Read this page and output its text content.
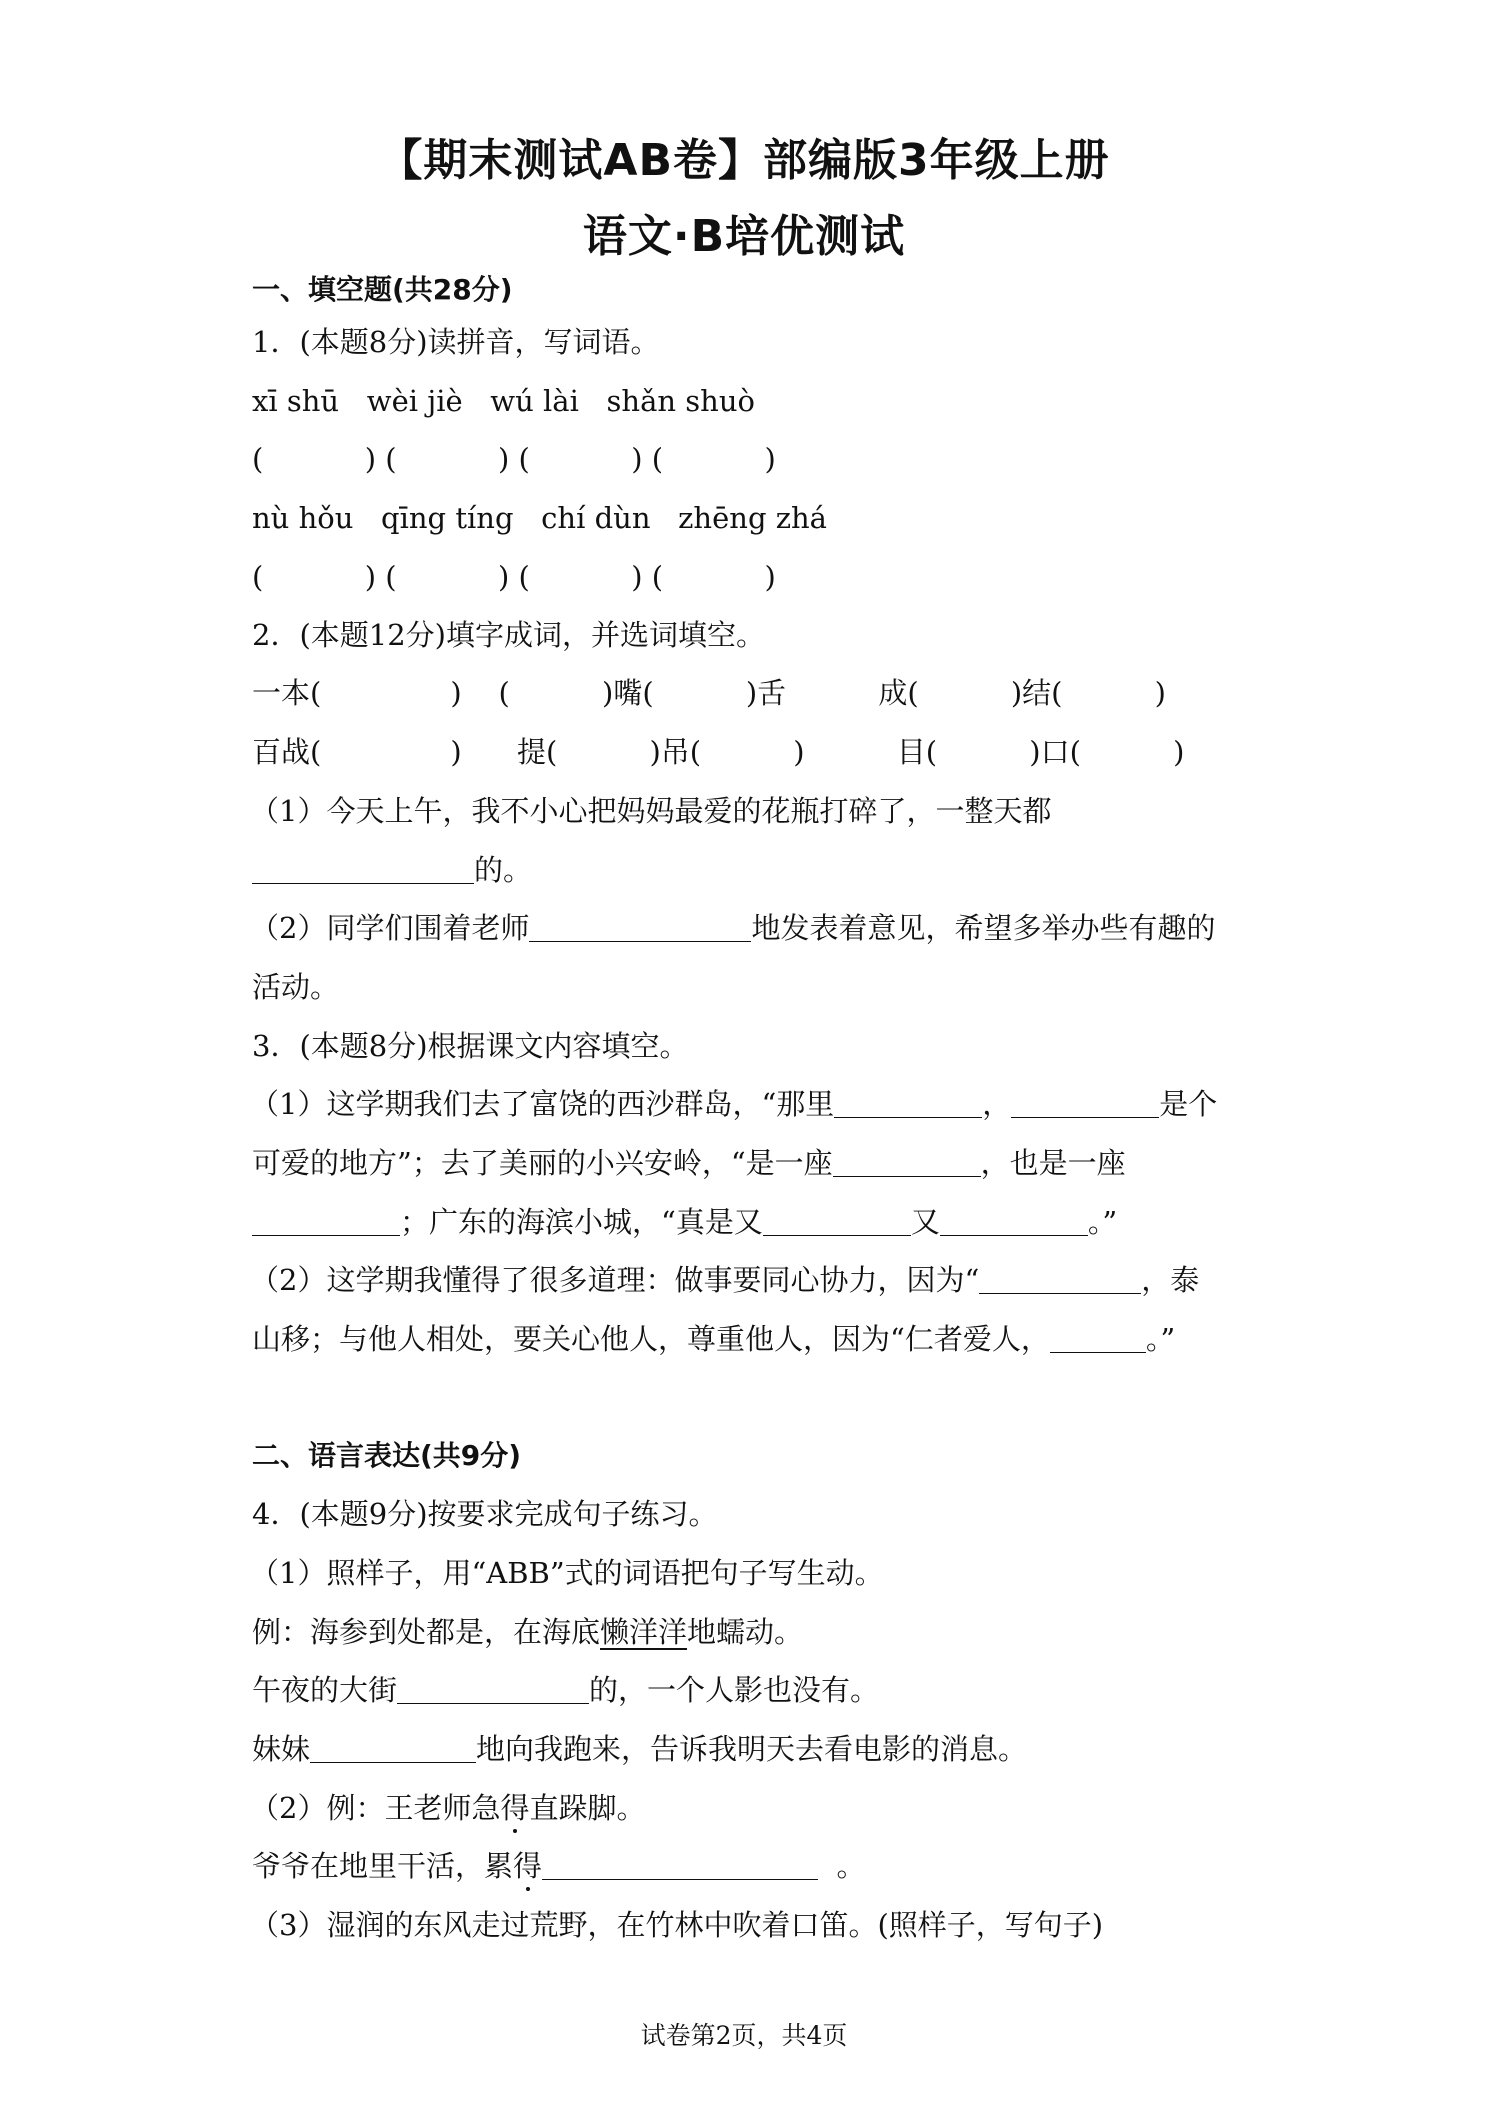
【期末测试AB卷】部编版3年级上册
语文·B培优测试
一、填空题(共28分)
1．(本题8分)读拼音，写词语。
xī shū   wèi jiè   wú lài   shǎn shuò
(           ) (           ) (           ) (           )
nù hǒu   qīng tíng   chí dùn   zhēng zhá
(           ) (           ) (           ) (           )
2．(本题12分)填字成词，并选词填空。
一本(              )    (          )嘴(          )舌          成(          )结(          )
百战(              )      提(          )吊(          )          目(          )口(          )
（1）今天上午，我不小心把妈妈最爱的花瓶打碎了，一整天都
的。
（2）同学们围着老师	地发表着意见，希望多举办些有趣的
活动。
3．(本题8分)根据课文内容填空。
（1）这学期我们去了富饶的西沙群岛，“那里	，	是个
可爱的地方”；去了美丽的小兴安岭，“是一座	，也是一座
；广东的海滨小城，“真是又	又	。”
（2）这学期我懂得了很多道理：做事要同心协力，因为“	，泰
山移；与他人相处，要关心他人，尊重他人，因为“仁者爱人，	。”
二、语言表达(共9分)
4．(本题9分)按要求完成句子练习。
（1）照样子，用“ABB”式的词语把句子写生动。
例：海参到处都是，在海底懒洋洋地蠕动。
午夜的大街	的，一个人影也没有。
妹妹	地向我跑来，告诉我明天去看电影的消息。
（2）例：王老师急得直跺脚。
爷爷在地里干活，累得	。
（3）湿润的东风走过荒野，在竹林中吹着口笛。(照样子，写句子)
试卷第2页，共4页
